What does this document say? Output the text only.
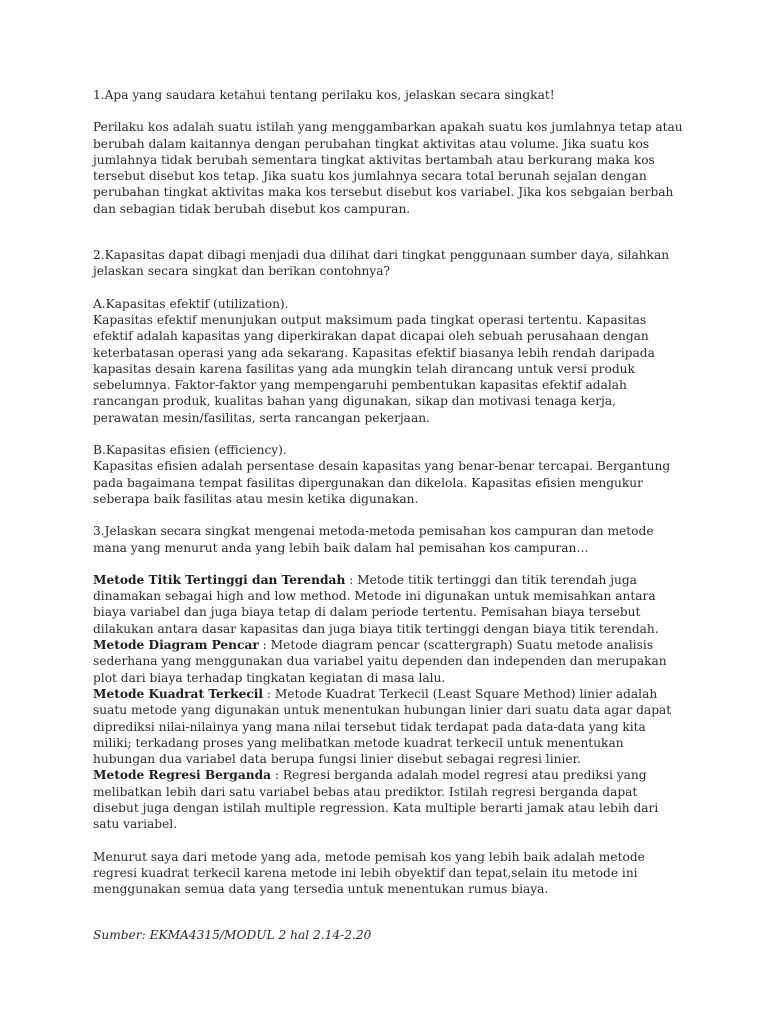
1.Apa yang saudara ketahui tentang perilaku kos, jelaskan secara singkat!

Perilaku kos adalah suatu istilah yang menggambarkan apakah suatu kos jumlahnya tetap atau berubah dalam kaitannya dengan perubahan tingkat aktivitas atau volume. Jika suatu kos jumlahnya tidak berubah sementara tingkat aktivitas bertambah atau berkurang maka kos tersebut disebut kos tetap. Jika suatu kos jumlahnya secara total berunah sejalan dengan perubahan tingkat aktivitas maka kos tersebut disebut kos variabel. Jika kos sebgaian berbah dan sebagian tidak berubah disebut kos campuran.

2.Kapasitas dapat dibagi menjadi dua dilihat dari tingkat penggunaan sumber daya, silahkan jelaskan secara singkat dan berikan contohnya?

A.Kapasitas efektif (utilization).

Kapasitas efektif menunjukan output maksimum pada tingkat operasi tertentu. Kapasitas efektif adalah kapasitas yang diperkirakan dapat dicapai oleh sebuah perusahaan dengan keterbatasan operasi yang ada sekarang. Kapasitas efektif biasanya lebih rendah daripada kapasitas desain karena fasilitas yang ada mungkin telah dirancang untuk versi produk sebelumnya. Faktor-faktor yang mempengaruhi pembentukan kapasitas efektif adalah rancangan produk, kualitas bahan yang digunakan, sikap dan motivasi tenaga kerja, perawatan mesin/fasilitas, serta rancangan pekerjaan.

B.Kapasitas efisien (efficiency).

Kapasitas efisien adalah persentase desain kapasitas yang benar-benar tercapai. Bergantung pada bagaimana tempat fasilitas dipergunakan dan dikelola. Kapasitas efisien mengukur seberapa baik fasilitas atau mesin ketika digunakan.

3.Jelaskan secara singkat mengenai metoda-metoda pemisahan kos campuran dan metode mana yang menurut anda yang lebih baik dalam hal pemisahan kos campuran…

Metode Titik Tertinggi dan Terendah : Metode titik tertinggi dan titik terendah juga dinamakan sebagai high and low method. Metode ini digunakan untuk memisahkan antara biaya variabel dan juga biaya tetap di dalam periode tertentu. Pemisahan biaya tersebut dilakukan antara dasar kapasitas dan juga biaya titik tertinggi dengan biaya titik terendah.

Metode Diagram Pencar : Metode diagram pencar (scattergraph) Suatu metode analisis sederhana yang menggunakan dua variabel yaitu dependen dan independen dan merupakan plot dari biaya terhadap tingkatan kegiatan di masa lalu.

Metode Kuadrat Terkecil : Metode Kuadrat Terkecil (Least Square Method) linier adalah suatu metode yang digunakan untuk menentukan hubungan linier dari suatu data agar dapat diprediksi nilai-nilainya yang mana nilai tersebut tidak terdapat pada data-data yang kita miliki; terkadang proses yang melibatkan metode kuadrat terkecil untuk menentukan hubungan dua variabel data berupa fungsi linier disebut sebagai regresi linier.

Metode Regresi Berganda : Regresi berganda adalah model regresi atau prediksi yang melibatkan lebih dari satu variabel bebas atau prediktor. Istilah regresi berganda dapat disebut juga dengan istilah multiple regression. Kata multiple berarti jamak atau lebih dari satu variabel.

Menurut saya dari metode yang ada, metode pemisah kos yang lebih baik adalah metode regresi kuadrat terkecil karena metode ini lebih obyektif dan tepat,selain itu metode ini menggunakan semua data yang tersedia untuk menentukan rumus biaya.

Sumber: EKMA4315/MODUL 2 hal 2.14-2.20
